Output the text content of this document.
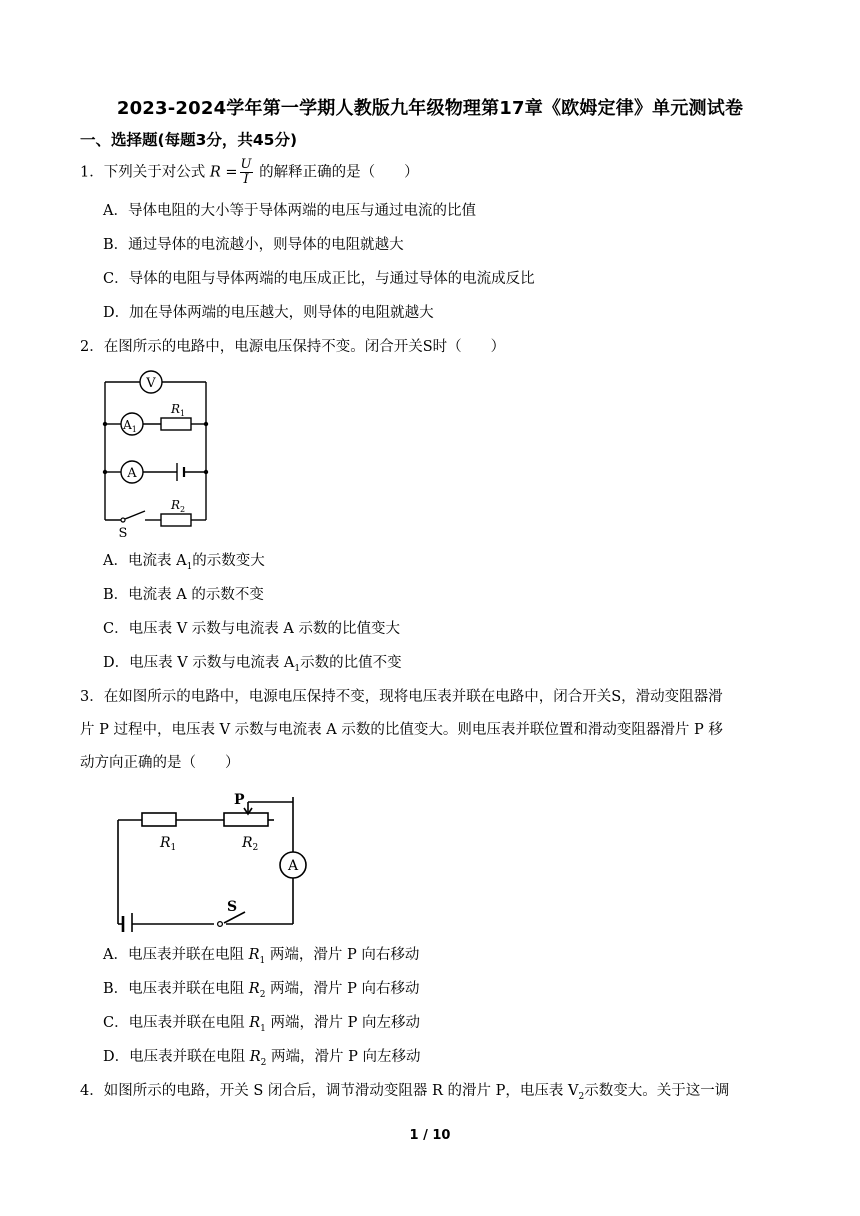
2023-2024学年第一学期人教版九年级物理第17章《欧姆定律》单元测试卷
一、选择题(每题3分，共45分)
1．下列关于对公式 $R = \frac{U}{I}$ 的解释正确的是（　　）
A．导体电阻的大小等于导体两端的电压与通过电流的比值
B．通过导体的电流越小，则导体的电阻就越大
C．导体的电阻与导体两端的电压成正比，与通过导体的电流成反比
D．加在导体两端的电压越大，则导体的电阻就越大
2．在图所示的电路中，电源电压保持不变。闭合开关S时（　　）
V
$A_1$
A
$R_1$
$R_2$
S
A．电流表 $A_1$的示数变大
B．电流表 A 的示数不变
C．电压表 V 示数与电流表 A 示数的比值变大
D．电压表 V 示数与电流表 $A_1$示数的比值不变
3．在如图所示的电路中，电源电压保持不变，现将电压表并联在电路中，闭合开关S，滑动变阻器滑
片 P 过程中，电压表 V 示数与电流表 A 示数的比值变大。则电压表并联位置和滑动变阻器滑片 P 移
动方向正确的是（　　）
P
$R_1$	$R_2$
A
S
A．电压表并联在电阻 $R_1$ 两端，滑片 P 向右移动
B．电压表并联在电阻 $R_2$ 两端，滑片 P 向右移动
C．电压表并联在电阻 $R_1$ 两端，滑片 P 向左移动
D．电压表并联在电阻 $R_2$ 两端，滑片 P 向左移动
4．如图所示的电路，开关 S 闭合后，调节滑动变阻器 R 的滑片 P，电压表 $V_2$示数变大。关于这一调
1 / 10
